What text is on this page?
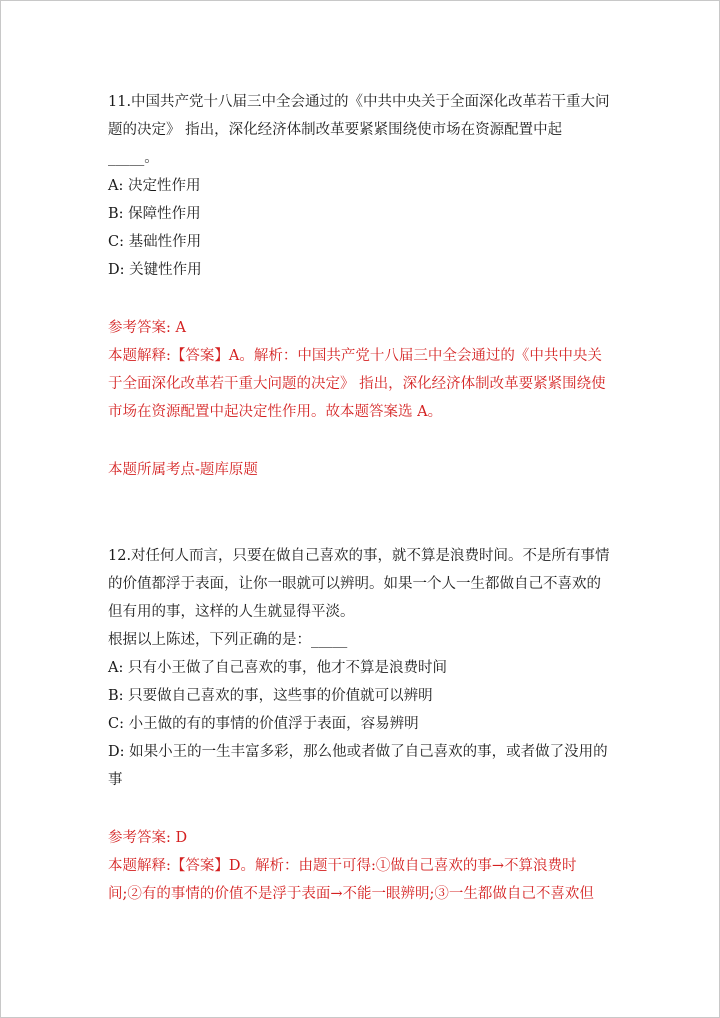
11.中国共产党十八届三中全会通过的《中共中央关于全面深化改革若干重大问
题的决定》 指出，深化经济体制改革要紧紧围绕使市场在资源配置中起
_____。
A: 决定性作用
B: 保障性作用
C: 基础性作用
D: 关键性作用
参考答案: A
本题解释:【答案】A。解析：中国共产党十八届三中全会通过的《中共中央关
于全面深化改革若干重大问题的决定》 指出，深化经济体制改革要紧紧围绕使
市场在资源配置中起决定性作用。故本题答案选 A。
本题所属考点-题库原题
12.对任何人而言，只要在做自己喜欢的事，就不算是浪费时间。不是所有事情
的价值都浮于表面，让你一眼就可以辨明。如果一个人一生都做自己不喜欢的
但有用的事，这样的人生就显得平淡。
根据以上陈述，下列正确的是：_____
A: 只有小王做了自己喜欢的事，他才不算是浪费时间
B: 只要做自己喜欢的事，这些事的价值就可以辨明
C: 小王做的有的事情的价值浮于表面，容易辨明
D: 如果小王的一生丰富多彩，那么他或者做了自己喜欢的事，或者做了没用的
事
参考答案: D
本题解释:【答案】D。解析：由题干可得:①做自己喜欢的事→不算浪费时
间;②有的事情的价值不是浮于表面→不能一眼辨明;③一生都做自己不喜欢但
